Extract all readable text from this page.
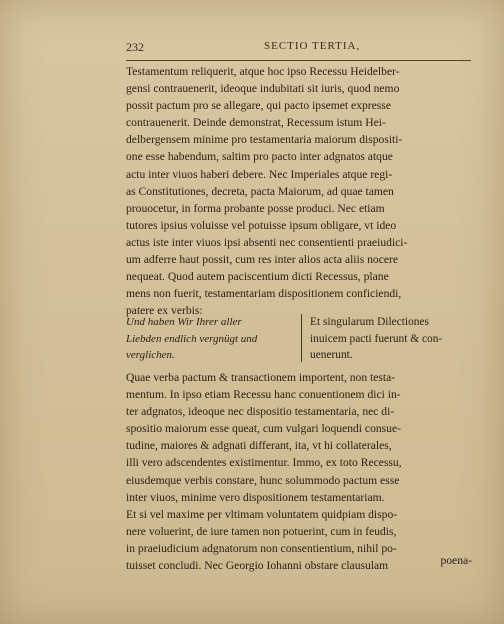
232	SECTIO TERTIA,
Testamentum reliquerit, atque hoc ipso Recessu Heidelber-
gensi contrauenerit, ideoque indubitati sit iuris, quod nemo
possit pactum pro se allegare, qui pacto ipsemet expresse
contrauenerit. Deinde demonstrat, Recessum istum Hei-
delbergensem minime pro testamentaria maiorum dispositi-
one esse habendum, saltim pro pacto inter adgnatos atque
actu inter viuos haberi debere. Nec Imperiales atque regi-
as Constitutiones, decreta, pacta Maiorum, ad quae tamen
prouocetur, in forma probante posse produci. Nec etiam
tutores ipsius voluisse vel potuisse ipsum obligare, vt ideo
actus iste inter viuos ipsi absenti nec consentienti praeiudici-
um adferre haut possit, cum res inter alios acta aliis nocere
nequeat. Quod autem paciscentium dicti Recessus, plane
mens non fuerit, testamentariam dispositionem conficiendi,
patere ex verbis:
Und haben Wir Ihrer aller
Liebden endlich vergnügt und
verglichen.
Et singularum Dilectiones
inuicem pacti fuerunt & con-
uenerunt.
Quae verba pactum & transactionem importent, non testa-
mentum. In ipso etiam Recessu hanc conuentionem dici in-
ter adgnatos, ideoque nec dispositio testamentaria, nec di-
spositio maiorum esse queat, cum vulgari loquendi consue-
tudine, maiores & adgnati differant, ita, vt hi collaterales,
illi vero adscendentes existimentur. Immo, ex toto Recessu,
eiusdemque verbis constare, hunc solummodo pactum esse
inter viuos, minime vero dispositionem testamentariam.
Et si vel maxime per vltimam voluntatem quidpiam dispo-
nere voluerint, de iure tamen non potuerint, cum in feudis,
in praeiudicium adgnatorum non consentientium, nihil po-
tuisset concludi. Nec Georgio Iohanni obstare clausulam	poena-
